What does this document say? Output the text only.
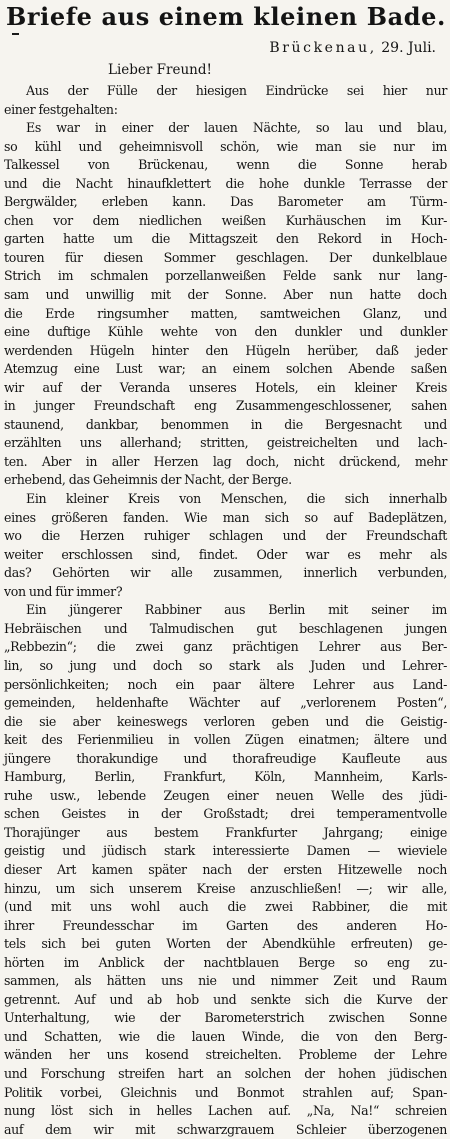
Briefe aus einem kleinen Bade.
Brückenau, 29. Juli.
Lieber Freund!
Aus der Fülle der hiesigen Eindrücke sei hier nur
einer festgehalten:
Es war in einer der lauen Nächte, so lau und blau,
so kühl und geheimnisvoll schön, wie man sie nur im
Talkessel von Brückenau, wenn die Sonne herab
und die Nacht hinaufklettert die hohe dunkle Terrasse der
Bergwälder, erleben kann. Das Barometer am Türm-
chen vor dem niedlichen weißen Kurhäuschen im Kur-
garten hatte um die Mittagszeit den Rekord in Hoch-
touren für diesen Sommer geschlagen. Der dunkelblaue
Strich im schmalen porzellanweißen Felde sank nur lang-
sam und unwillig mit der Sonne. Aber nun hatte doch
die Erde ringsumher matten, samtweichen Glanz, und
eine duftige Kühle wehte von den dunkler und dunkler
werdenden Hügeln hinter den Hügeln herüber, daß jeder
Atemzug eine Lust war; an einem solchen Abende saßen
wir auf der Veranda unseres Hotels, ein kleiner Kreis
in junger Freundschaft eng Zusammengeschlossener, sahen
staunend, dankbar, benommen in die Bergesnacht und
erzählten uns allerhand; stritten, geistreichelten und lach-
ten. Aber in aller Herzen lag doch, nicht drückend, mehr
erhebend, das Geheimnis der Nacht, der Berge.
Ein kleiner Kreis von Menschen, die sich innerhalb
eines größeren fanden. Wie man sich so auf Badeplätzen,
wo die Herzen ruhiger schlagen und der Freundschaft
weiter erschlossen sind, findet. Oder war es mehr als
das? Gehörten wir alle zusammen, innerlich verbunden,
von und für immer?
Ein jüngerer Rabbiner aus Berlin mit seiner im
Hebräischen und Talmudischen gut beschlagenen jungen
„Rebbezin“; die zwei ganz prächtigen Lehrer aus Ber-
lin, so jung und doch so stark als Juden und Lehrer-
persönlichkeiten; noch ein paar ältere Lehrer aus Land-
gemeinden, heldenhafte Wächter auf „verlorenem Posten“,
die sie aber keineswegs verloren geben und die Geistig-
keit des Ferienmilieu in vollen Zügen einatmen; ältere und
jüngere thorakundige und thorafreudige Kaufleute aus
Hamburg, Berlin, Frankfurt, Köln, Mannheim, Karls-
ruhe usw., lebende Zeugen einer neuen Welle des jüdi-
schen Geistes in der Großstadt; drei temperamentvolle
Thorajünger aus bestem Frankfurter Jahrgang; einige
geistig und jüdisch stark interessierte Damen — wieviele
dieser Art kamen später nach der ersten Hitzewelle noch
hinzu, um sich unserem Kreise anzuschließen! —; wir alle,
(und mit uns wohl auch die zwei Rabbiner, die mit
ihrer Freundesschar im Garten des anderen Ho-
tels sich bei guten Worten der Abendkühle erfreuten) ge-
hörten im Anblick der nachtblauen Berge so eng zu-
sammen, als hätten uns nie und nimmer Zeit und Raum
getrennt. Auf und ab hob und senkte sich die Kurve der
Unterhaltung, wie der Barometerstrich zwischen Sonne
und Schatten, wie die lauen Winde, die von den Berg-
wänden her uns kosend streichelten. Probleme der Lehre
und Forschung streifen hart an solchen der hohen jüdischen
Politik vorbei, Gleichnis und Bonmot strahlen auf; Span-
nung löst sich in helles Lachen auf. „Na, Na!“ schreien
auf dem wir mit schwarzgrauem Schleier überzogenen
